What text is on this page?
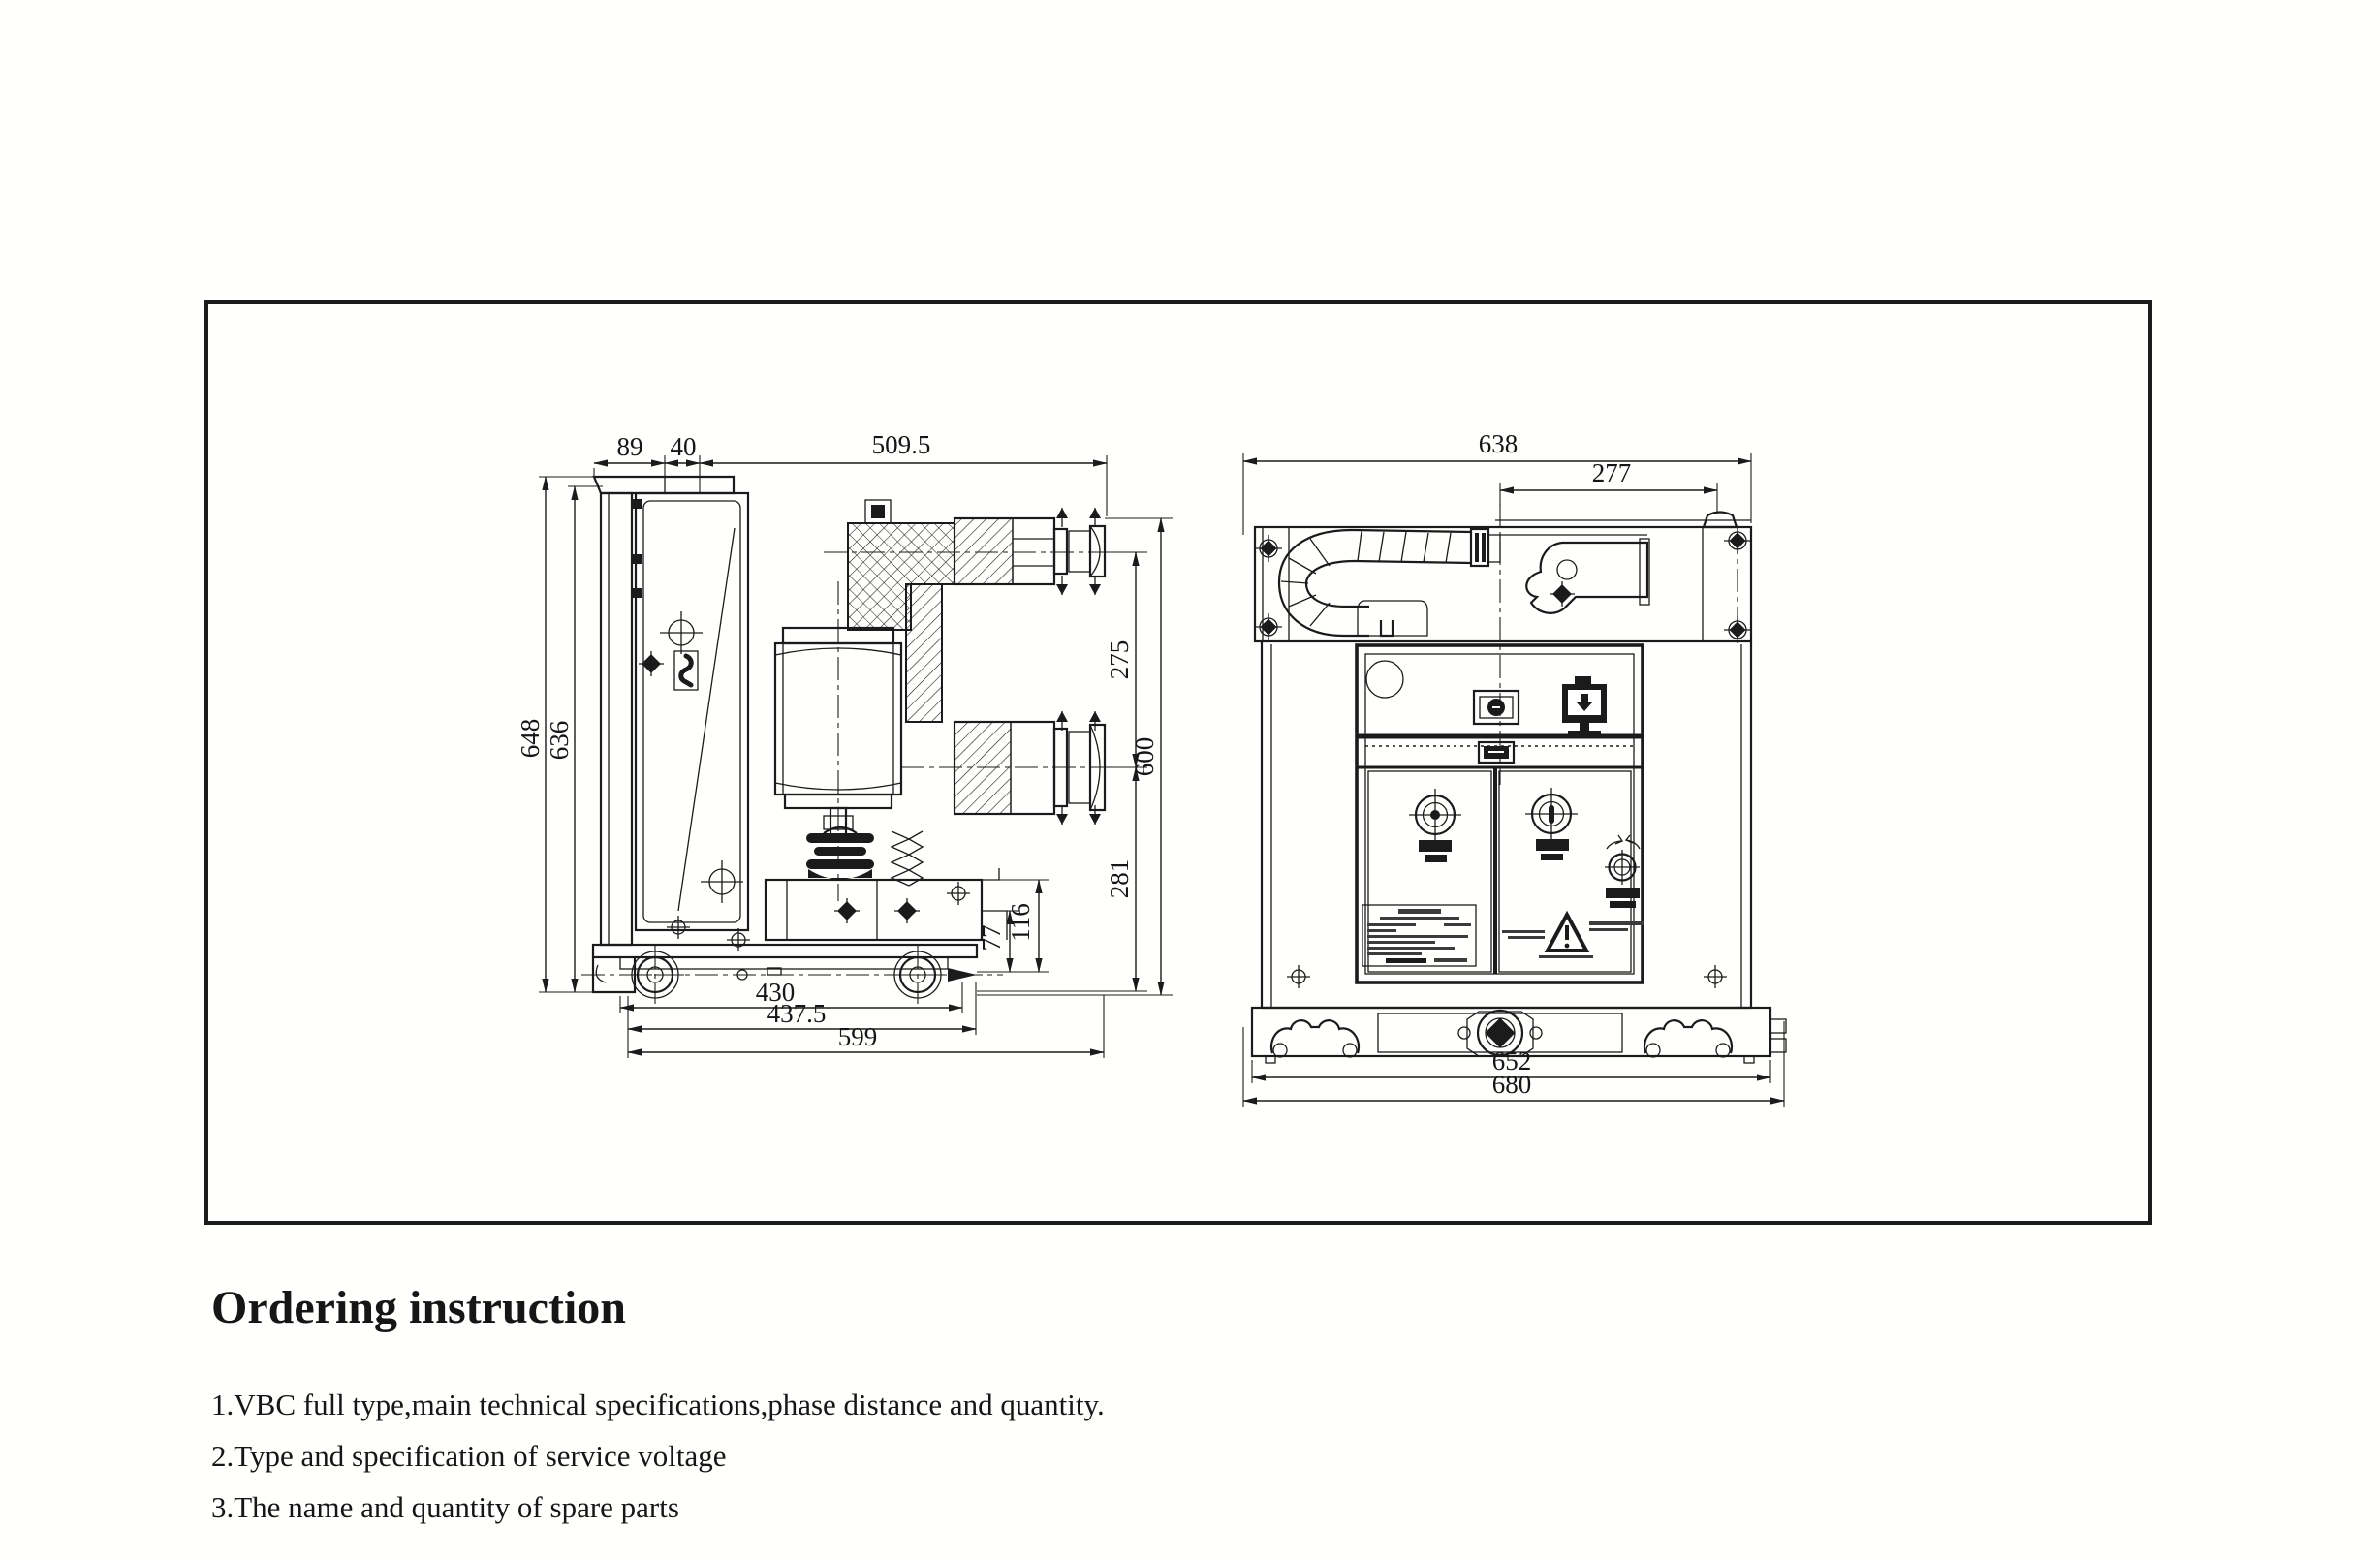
89 40	509.5
648 636
275
600
281
116
77
430
437.5
599
638
277
652
680
Ordering instruction

1.VBC full type,main technical specifications,phase distance and quantity.

2.Type and specification of service voltage

3.The name and quantity of spare parts
